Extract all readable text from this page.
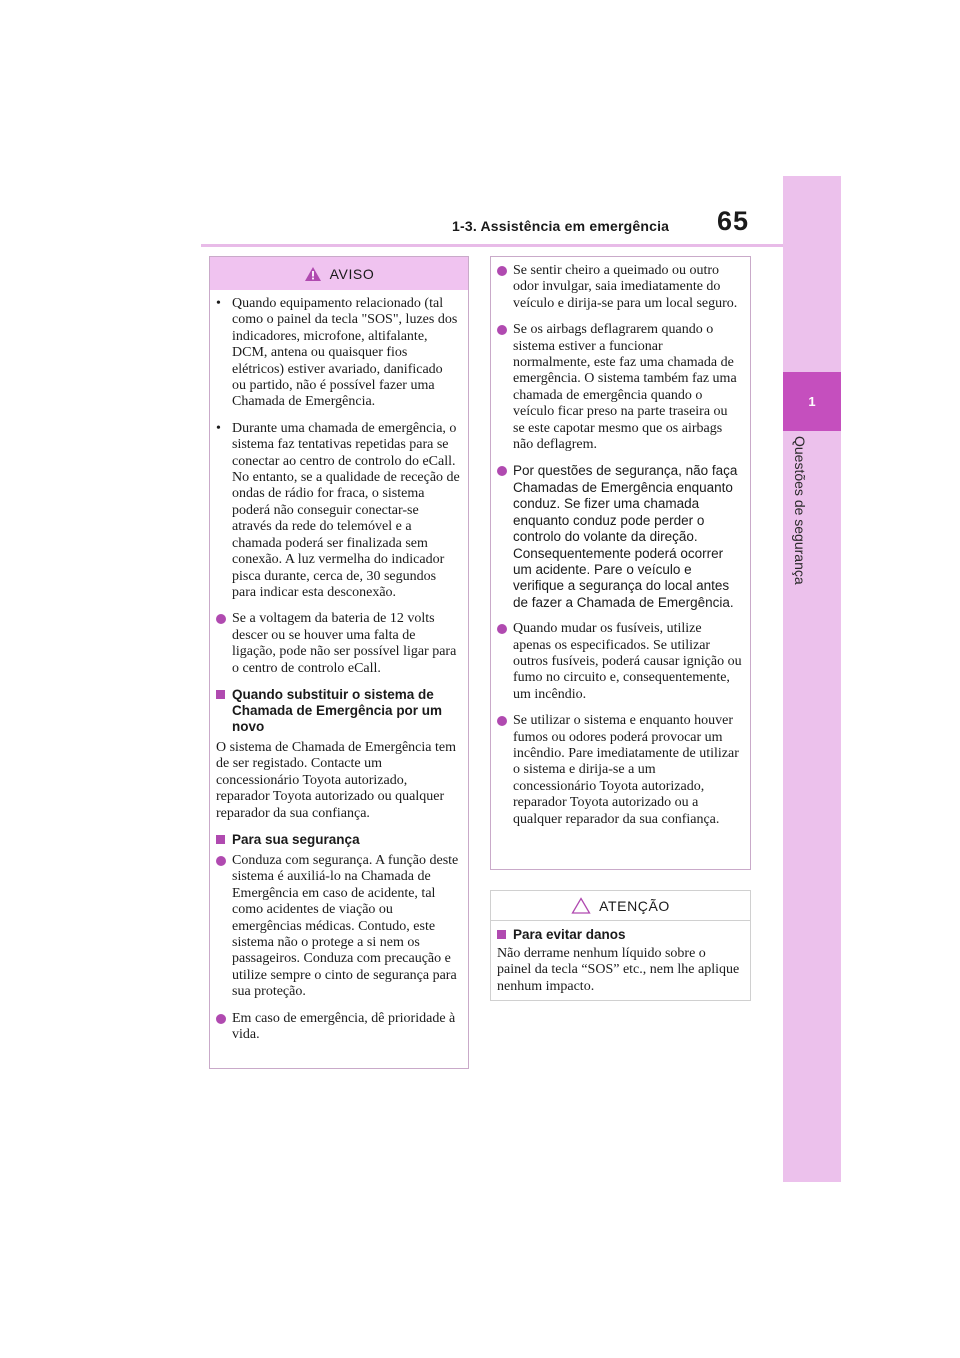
1-3. Assistência em emergência 65
1
Questões de segurança
AVISO
• Quando equipamento relacionado (tal como o painel da tecla "SOS", luzes dos indicadores, microfone, altifalante, DCM, antena ou quaisquer fios elétricos) estiver avariado, danificado ou partido, não é possível fazer uma Chamada de Emergência.
• Durante uma chamada de emergência, o sistema faz tentativas repetidas para se conectar ao centro de controlo do eCall. No entanto, se a qualidade de receção de ondas de rádio for fraca, o sistema poderá não conseguir conectar-se através da rede do telemóvel e a chamada poderá ser finalizada sem conexão. A luz vermelha do indicador pisca durante, cerca de, 30 segundos para indicar esta desconexão.
Se a voltagem da bateria de 12 volts descer ou se houver uma falta de ligação, pode não ser possível ligar para o centro de controlo eCall.
Quando substituir o sistema de Chamada de Emergência por um novo
O sistema de Chamada de Emergência tem de ser registado. Contacte um concessionário Toyota autorizado, reparador Toyota autorizado ou qualquer reparador da sua confiança.
Para sua segurança
Conduza com segurança. A função deste sistema é auxiliá-lo na Chamada de Emergência em caso de acidente, tal como acidentes de viação ou emergências médicas. Contudo, este sistema não o protege a si nem os passageiros. Conduza com precaução e utilize sempre o cinto de segurança para sua proteção.
Em caso de emergência, dê prioridade à vida.
Se sentir cheiro a queimado ou outro odor invulgar, saia imediatamente do veículo e dirija-se para um local seguro.
Se os airbags deflagrarem quando o sistema estiver a funcionar normalmente, este faz uma chamada de emergência. O sistema também faz uma chamada de emergência quando o veículo ficar preso na parte traseira ou se este capotar mesmo que os airbags não deflagrem.
Por questões de segurança, não faça Chamadas de Emergência enquanto conduz. Se fizer uma chamada enquanto conduz pode perder o controlo do volante da direção. Consequentemente poderá ocorrer um acidente. Pare o veículo e verifique a segurança do local antes de fazer a Chamada de Emergência.
Quando mudar os fusíveis, utilize apenas os especificados. Se utilizar outros fusíveis, poderá causar ignição ou fumo no circuito e, consequentemente, um incêndio.
Se utilizar o sistema e enquanto houver fumos ou odores poderá provocar um incêndio. Pare imediatamente de utilizar o sistema e dirija-se a um concessionário Toyota autorizado, reparador Toyota autorizado ou a qualquer reparador da sua confiança.
ATENÇÃO
Para evitar danos
Não derrame nenhum líquido sobre o painel da tecla “SOS” etc., nem lhe aplique nenhum impacto.
